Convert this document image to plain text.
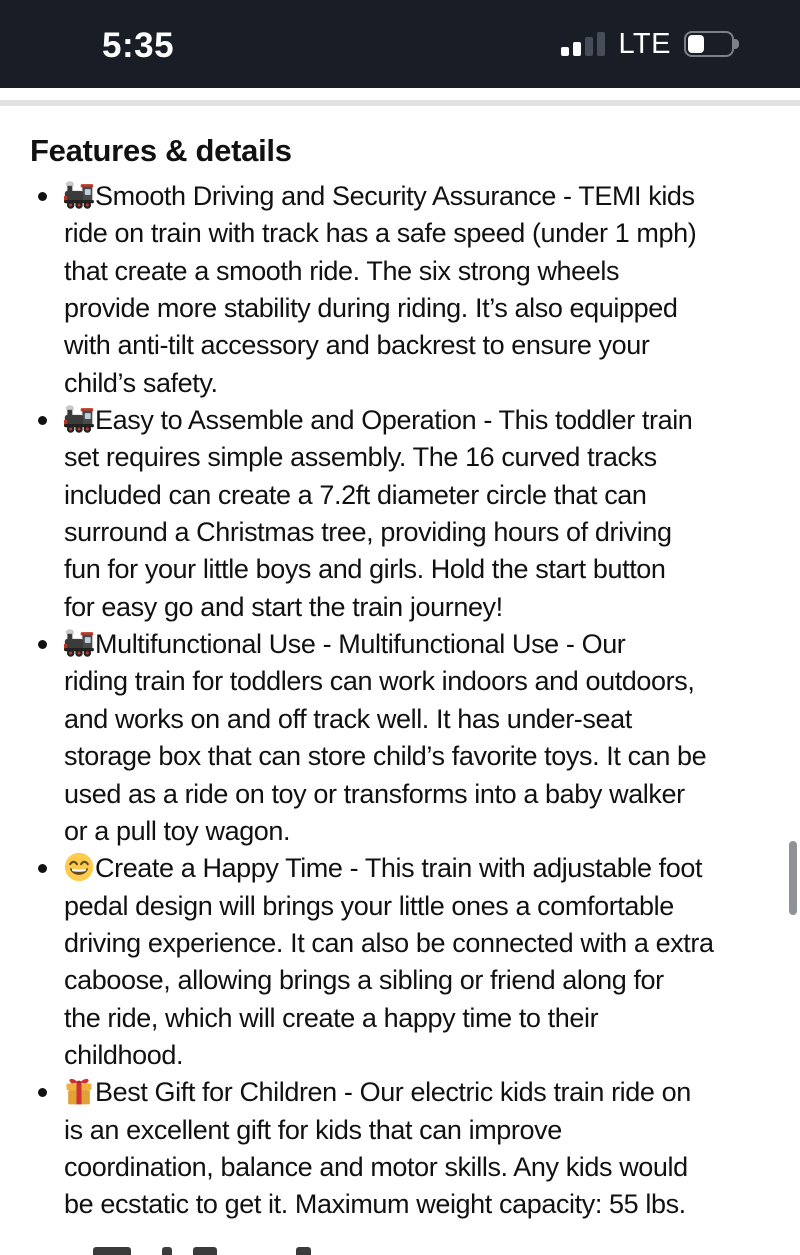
5:35	LTE
Features & details
Smooth Driving and Security Assurance - TEMI kids
ride on train with track has a safe speed (under 1 mph)
that create a smooth ride. The six strong wheels
provide more stability during riding. It’s also equipped
with anti-tilt accessory and backrest to ensure your
child’s safety.
Easy to Assemble and Operation - This toddler train
set requires simple assembly. The 16 curved tracks
included can create a 7.2ft diameter circle that can
surround a Christmas tree, providing hours of driving
fun for your little boys and girls. Hold the start button
for easy go and start the train journey!
Multifunctional Use - Multifunctional Use - Our
riding train for toddlers can work indoors and outdoors,
and works on and off track well. It has under-seat
storage box that can store child’s favorite toys. It can be
used as a ride on toy or transforms into a baby walker
or a pull toy wagon.
Create a Happy Time - This train with adjustable foot
pedal design will brings your little ones a comfortable
driving experience. It can also be connected with a extra
caboose, allowing brings a sibling or friend along for
the ride, which will create a happy time to their
childhood.
Best Gift for Children - Our electric kids train ride on
is an excellent gift for kids that can improve
coordination, balance and motor skills. Any kids would
be ecstatic to get it. Maximum weight capacity: 55 lbs.
